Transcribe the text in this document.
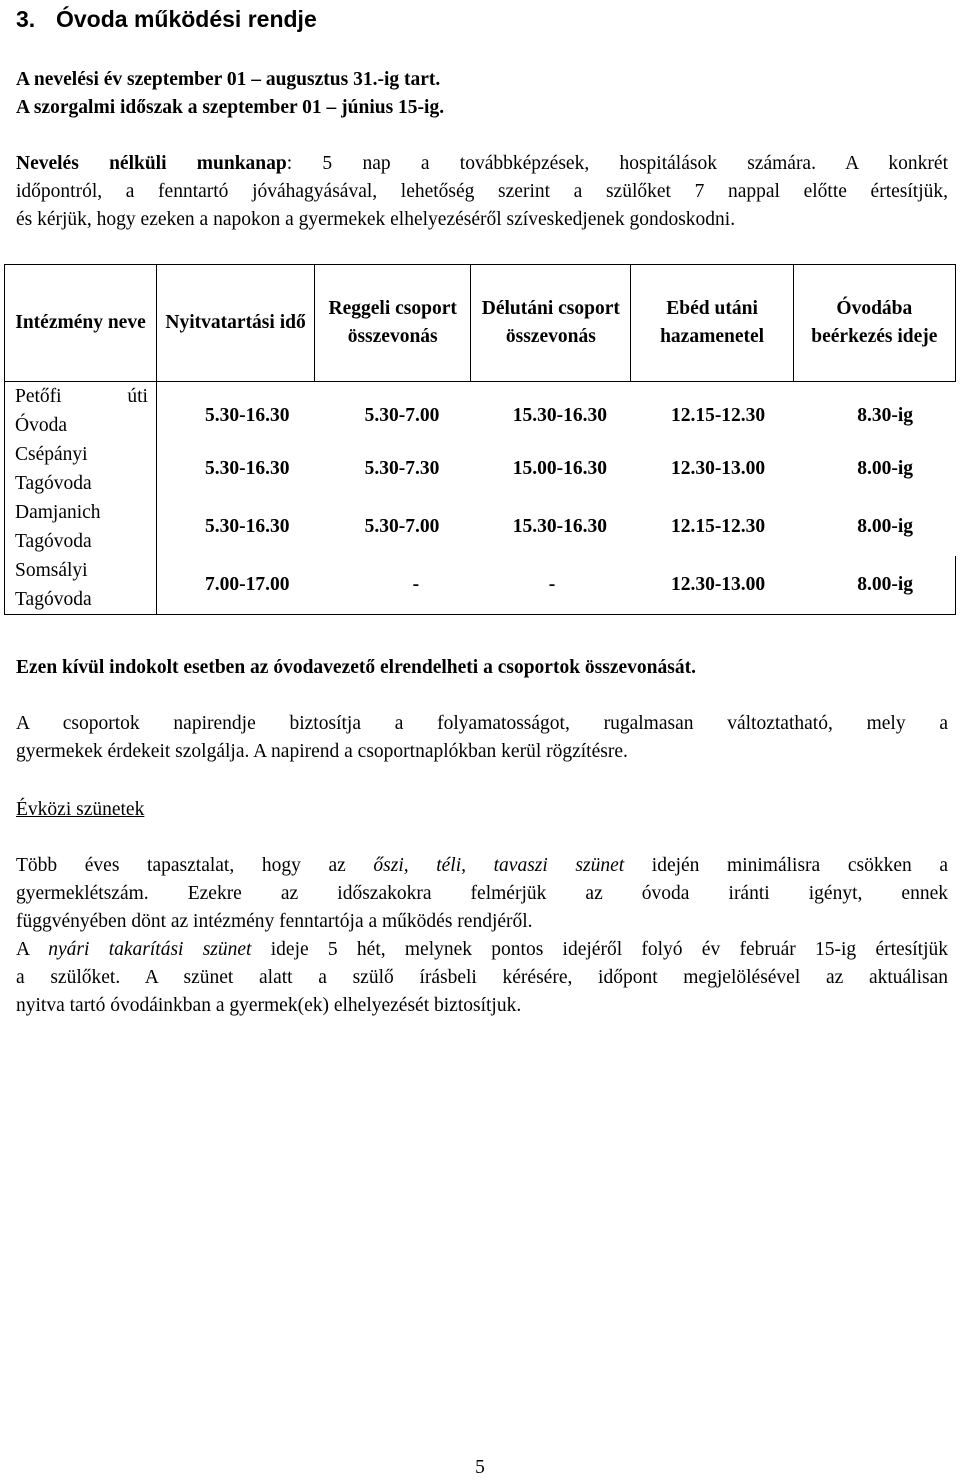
3. Óvoda működési rendje
A nevelési év szeptember 01 – augusztus 31.-ig tart.
A szorgalmi időszak a szeptember 01 – június 15-ig.
Nevelés nélküli munkanap: 5 nap a továbbképzések, hospitálások számára. A konkrét
időpontról, a fenntartó jóváhagyásával, lehetőség szerint a szülőket 7 nappal előtte értesítjük,
és kérjük, hogy ezeken a napokon a gyermekek elhelyezéséről szíveskedjenek gondoskodni.
Intézmény neve	Nyitvatartási idő	Reggeli csoport összevonás	Délutáni csoport összevonás	Ebéd utáni hazamenetel	Óvodába beérkezés ideje

Petőfi úti
Óvoda	5.30-16.30	5.30-7.00	15.30-16.30	12.15-12.30	8.30-ig

Csépányi
Tagóvoda	5.30-16.30	5.30-7.30	15.00-16.30	12.30-13.00	8.00-ig

Damjanich
Tagóvoda	5.30-16.30	5.30-7.00	15.30-16.30	12.15-12.30	8.00-ig

Somsályi
Tagóvoda	7.00-17.00	-	-	12.30-13.00	8.00-ig
Ezen kívül indokolt esetben az óvodavezető elrendelheti a csoportok összevonását.
A csoportok napirendje biztosítja a folyamatosságot, rugalmasan változtatható, mely a
gyermekek érdekeit szolgálja. A napirend a csoportnaplókban kerül rögzítésre.
Évközi szünetek
Több éves tapasztalat, hogy az őszi, téli, tavaszi szünet idején minimálisra csökken a
gyermeklétszám. Ezekre az időszakokra felmérjük az óvoda iránti igényt, ennek
függvényében dönt az intézmény fenntartója a működés rendjéről.
A nyári takarítási szünet ideje 5 hét, melynek pontos idejéről folyó év február 15-ig értesítjük
a szülőket. A szünet alatt a szülő írásbeli kérésére, időpont megjelölésével az aktuálisan
nyitva tartó óvodáinkban a gyermek(ek) elhelyezését biztosítjuk.
5
